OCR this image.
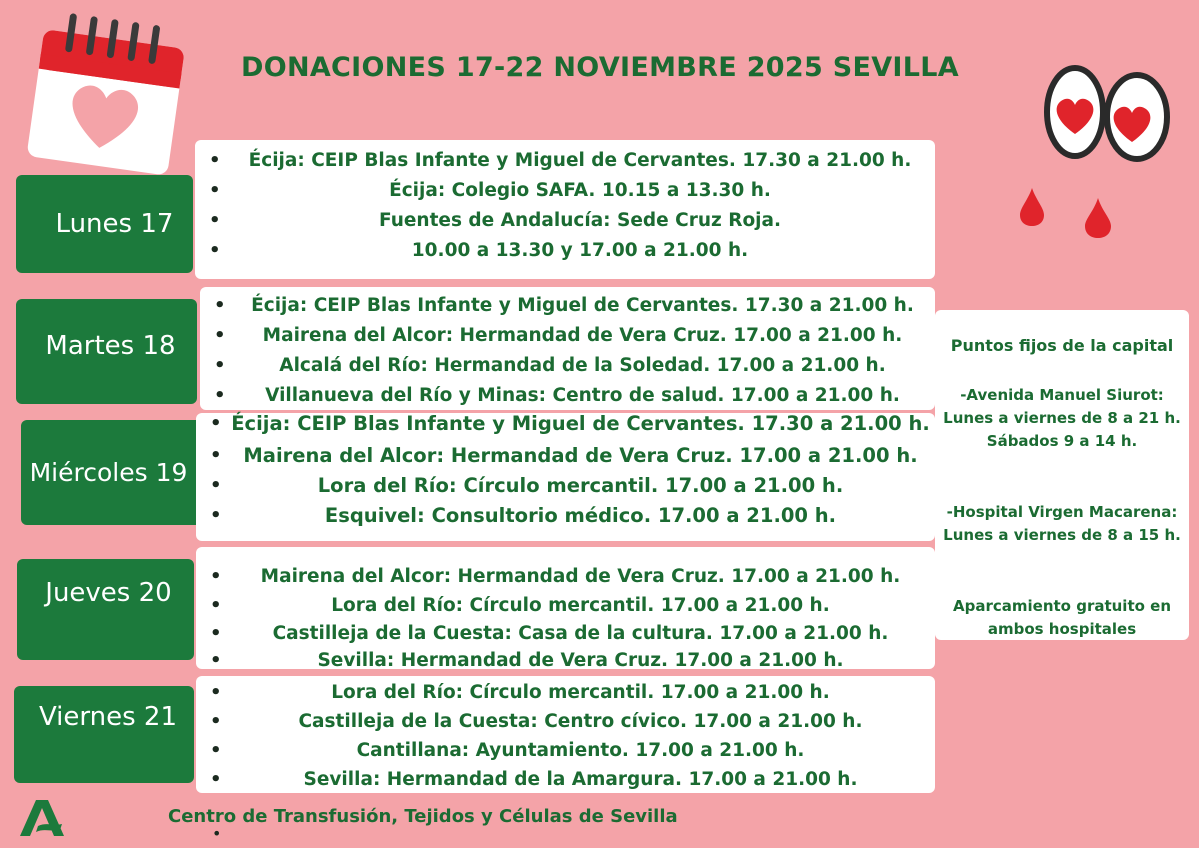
DONACIONES 17-22 NOVIEMBRE 2025 SEVILLA
Lunes 17
• Écija: CEIP Blas Infante y Miguel de Cervantes. 17.30 a 21.00 h.
• Écija: Colegio SAFA. 10.15 a 13.30 h.
• Fuentes de Andalucía: Sede Cruz Roja.
• 10.00 a 13.30 y 17.00 a 21.00 h.
Martes 18
• Écija: CEIP Blas Infante y Miguel de Cervantes. 17.30 a 21.00 h.
• Mairena del Alcor: Hermandad de Vera Cruz. 17.00 a 21.00 h.
• Alcalá del Río: Hermandad de la Soledad. 17.00 a 21.00 h.
• Villanueva del Río y Minas: Centro de salud. 17.00 a 21.00 h.
Miércoles 19
• Écija: CEIP Blas Infante y Miguel de Cervantes. 17.30 a 21.00 h.
• Mairena del Alcor: Hermandad de Vera Cruz. 17.00 a 21.00 h.
• Lora del Río: Círculo mercantil. 17.00 a 21.00 h.
• Esquivel: Consultorio médico. 17.00 a 21.00 h.
Jueves 20
• Mairena del Alcor: Hermandad de Vera Cruz. 17.00 a 21.00 h.
• Lora del Río: Círculo mercantil. 17.00 a 21.00 h.
• Castilleja de la Cuesta: Casa de la cultura. 17.00 a 21.00 h.
• Sevilla: Hermandad de Vera Cruz. 17.00 a 21.00 h.
Viernes 21
• Lora del Río: Círculo mercantil. 17.00 a 21.00 h.
• Castilleja de la Cuesta: Centro cívico. 17.00 a 21.00 h.
• Cantillana: Ayuntamiento. 17.00 a 21.00 h.
• Sevilla: Hermandad de la Amargura. 17.00 a 21.00 h.
Puntos fijos de la capital
-Avenida Manuel Siurot:
Lunes a viernes de 8 a 21 h.
Sábados 9 a 14 h.
-Hospital Virgen Macarena:
Lunes a viernes de 8 a 15 h.
Aparcamiento gratuito en
ambos hospitales
Centro de Transfusión, Tejidos y Células de Sevilla
•
